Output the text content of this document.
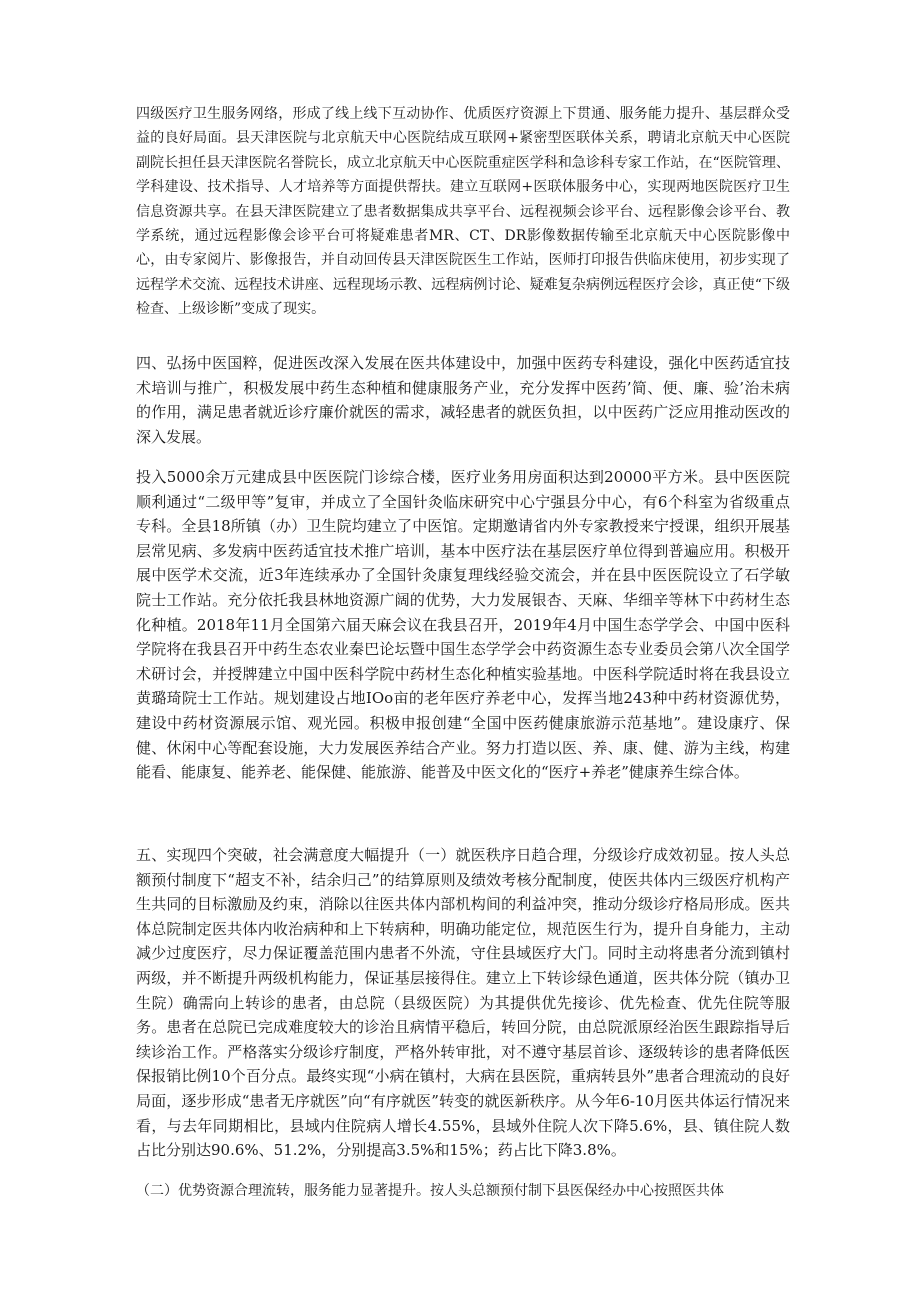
四级医疗卫生服务网络，形成了线上线下互动协作、优质医疗资源上下贯通、服务能力提升、基层群众受益的良好局面。县天津医院与北京航天中心医院结成互联网+紧密型医联体关系，聘请北京航天中心医院副院长担任县天津医院名誉院长，成立北京航天中心医院重症医学科和急诊科专家工作站，在“医院管理、学科建设、技术指导、人才培养等方面提供帮扶。建立互联网+医联体服务中心，实现两地医院医疗卫生信息资源共享。在县天津医院建立了患者数据集成共享平台、远程视频会诊平台、远程影像会诊平台、教学系统，通过远程影像会诊平台可将疑难患者MR、CT、DR影像数据传输至北京航天中心医院影像中心，由专家阅片、影像报告，并自动回传县天津医院医生工作站，医师打印报告供临床使用，初步实现了远程学术交流、远程技术讲座、远程现场示教、远程病例讨论、疑难复杂病例远程医疗会诊，真正使“下级检查、上级诊断”变成了现实。

四、弘扬中医国粹，促进医改深入发展在医共体建设中，加强中医药专科建设，强化中医药适宜技术培训与推广，积极发展中药生态种植和健康服务产业，充分发挥中医药’简、便、廉、验’治未病的作用，满足患者就近诊疗廉价就医的需求，减轻患者的就医负担，以中医药广泛应用推动医改的深入发展。

投入5000余万元建成县中医医院门诊综合楼，医疗业务用房面积达到20000平方米。县中医医院顺利通过“二级甲等”复审，并成立了全国针灸临床研究中心宁强县分中心，有6个科室为省级重点专科。全县18所镇（办）卫生院均建立了中医馆。定期邀请省内外专家教授来宁授课，组织开展基层常见病、多发病中医药适宜技术推广培训，基本中医疗法在基层医疗单位得到普遍应用。积极开展中医学术交流，近3年连续承办了全国针灸康复理线经验交流会，并在县中医医院设立了石学敏院士工作站。充分依托我县林地资源广阔的优势，大力发展银杏、天麻、华细辛等林下中药材生态化种植。2018年11月全国第六届天麻会议在我县召开，2019年4月中国生态学学会、中国中医科学院将在我县召开中药生态农业秦巴论坛暨中国生态学学会中药资源生态专业委员会第八次全国学术研讨会，并授牌建立中国中医科学院中药材生态化种植实验基地。中医科学院适时将在我县设立黄璐琦院士工作站。规划建设占地IOo亩的老年医疗养老中心，发挥当地243种中药材资源优势，建设中药材资源展示馆、观光园。积极申报创建“全国中医药健康旅游示范基地”。建设康疗、保健、休闲中心等配套设施，大力发展医养结合产业。努力打造以医、养、康、健、游为主线，构建能看、能康复、能养老、能保健、能旅游、能普及中医文化的“医疗+养老”健康养生综合体。

五、实现四个突破，社会满意度大幅提升（一）就医秩序日趋合理，分级诊疗成效初显。按人头总额预付制度下“超支不补，结余归己”的结算原则及绩效考核分配制度，使医共体内三级医疗机构产生共同的目标激励及约束，消除以往医共体内部机构间的利益冲突，推动分级诊疗格局形成。医共体总院制定医共体内收治病种和上下转病种，明确功能定位，规范医生行为，提升自身能力，主动减少过度医疗，尽力保证覆盖范围内患者不外流，守住县域医疗大门。同时主动将患者分流到镇村两级，并不断提升两级机构能力，保证基层接得住。建立上下转诊绿色通道，医共体分院（镇办卫生院）确需向上转诊的患者，由总院（县级医院）为其提供优先接诊、优先检查、优先住院等服务。患者在总院已完成难度较大的诊治且病情平稳后，转回分院，由总院派原经治医生跟踪指导后续诊治工作。严格落实分级诊疗制度，严格外转审批，对不遵守基层首诊、逐级转诊的患者降低医保报销比例10个百分点。最终实现“小病在镇村，大病在县医院，重病转县外”患者合理流动的良好局面，逐步形成“患者无序就医”向“有序就医”转变的就医新秩序。从今年6-10月医共体运行情况来看，与去年同期相比，县域内住院病人增长4.55%，县域外住院人次下降5.6%，县、镇住院人数占比分别达90.6%、51.2%，分别提高3.5%和15%；药占比下降3.8%。

（二）优势资源合理流转，服务能力显著提升。按人头总额预付制下县医保经办中心按照医共体
